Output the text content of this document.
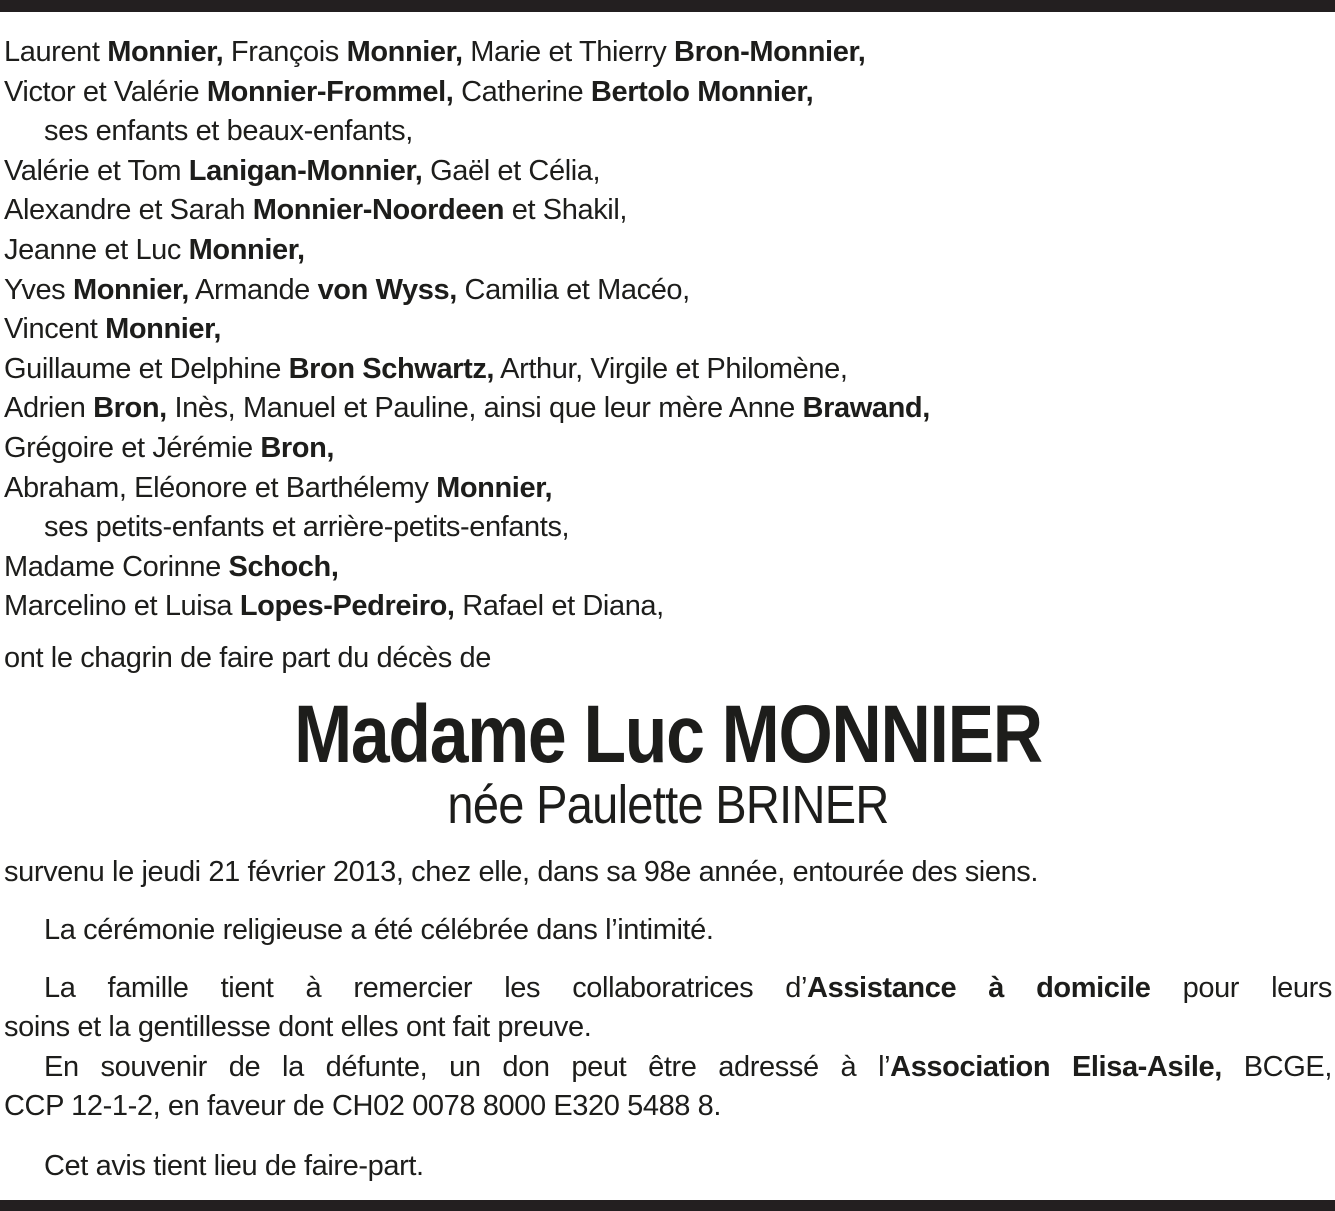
Laurent Monnier, François Monnier, Marie et Thierry Bron-Monnier,
Victor et Valérie Monnier-Frommel, Catherine Bertolo Monnier,
ses enfants et beaux-enfants,
Valérie et Tom Lanigan-Monnier, Gaël et Célia,
Alexandre et Sarah Monnier-Noordeen et Shakil,
Jeanne et Luc Monnier,
Yves Monnier, Armande von Wyss, Camilia et Macéo,
Vincent Monnier,
Guillaume et Delphine Bron Schwartz, Arthur, Virgile et Philomène,
Adrien Bron, Inès, Manuel et Pauline, ainsi que leur mère Anne Brawand,
Grégoire et Jérémie Bron,
Abraham, Eléonore et Barthélemy Monnier,
ses petits-enfants et arrière-petits-enfants,
Madame Corinne Schoch,
Marcelino et Luisa Lopes-Pedreiro, Rafael et Diana,
ont le chagrin de faire part du décès de
Madame Luc MONNIER
née Paulette BRINER
survenu le jeudi 21 février 2013, chez elle, dans sa 98e année, entourée des siens.
La cérémonie religieuse a été célébrée dans l’intimité.
La famille tient à remercier les collaboratrices d’Assistance à domicile pour leurs
soins et la gentillesse dont elles ont fait preuve.
En souvenir de la défunte, un don peut être adressé à l’Association Elisa-Asile, BCGE,
CCP 12-1-2, en faveur de CH02 0078 8000 E320 5488 8.
Cet avis tient lieu de faire-part.
